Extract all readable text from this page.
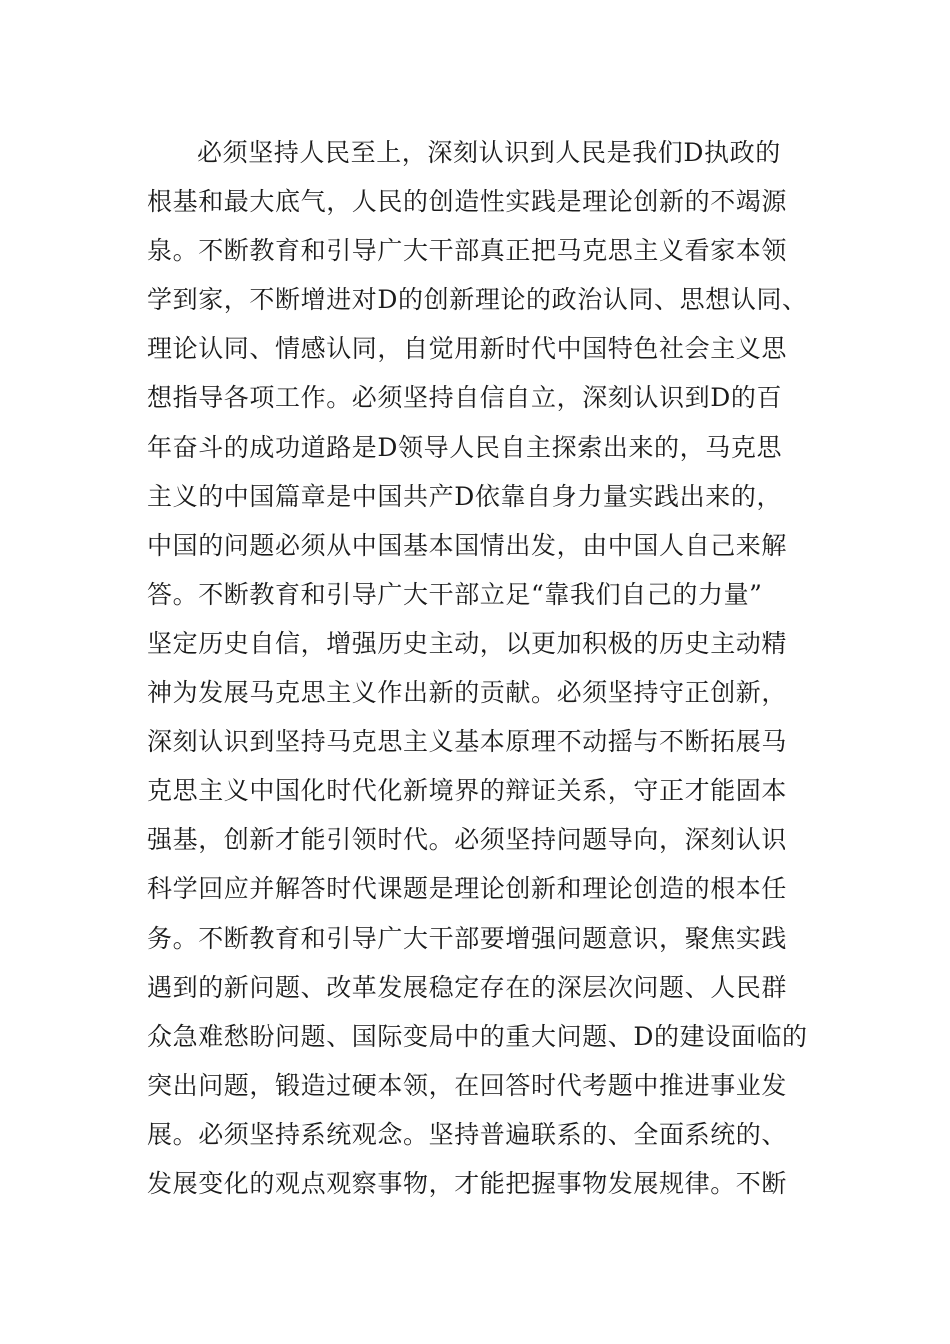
必须坚持人民至上，深刻认识到人民是我们D执政的
根基和最大底气，人民的创造性实践是理论创新的不竭源
泉。不断教育和引导广大干部真正把马克思主义看家本领
学到家，不断增进对D的创新理论的政治认同、思想认同、
理论认同、情感认同，自觉用新时代中国特色社会主义思
想指导各项工作。必须坚持自信自立，深刻认识到D的百
年奋斗的成功道路是D领导人民自主探索出来的，马克思
主义的中国篇章是中国共产D依靠自身力量实践出来的，
中国的问题必须从中国基本国情出发，由中国人自己来解
答。不断教育和引导广大干部立足“靠我们自己的力量”
坚定历史自信，增强历史主动，以更加积极的历史主动精
神为发展马克思主义作出新的贡献。必须坚持守正创新，
深刻认识到坚持马克思主义基本原理不动摇与不断拓展马
克思主义中国化时代化新境界的辩证关系，守正才能固本
强基，创新才能引领时代。必须坚持问题导向，深刻认识
科学回应并解答时代课题是理论创新和理论创造的根本任
务。不断教育和引导广大干部要增强问题意识，聚焦实践
遇到的新问题、改革发展稳定存在的深层次问题、人民群
众急难愁盼问题、国际变局中的重大问题、D的建设面临的
突出问题，锻造过硬本领，在回答时代考题中推进事业发
展。必须坚持系统观念。坚持普遍联系的、全面系统的、
发展变化的观点观察事物，才能把握事物发展规律。不断
